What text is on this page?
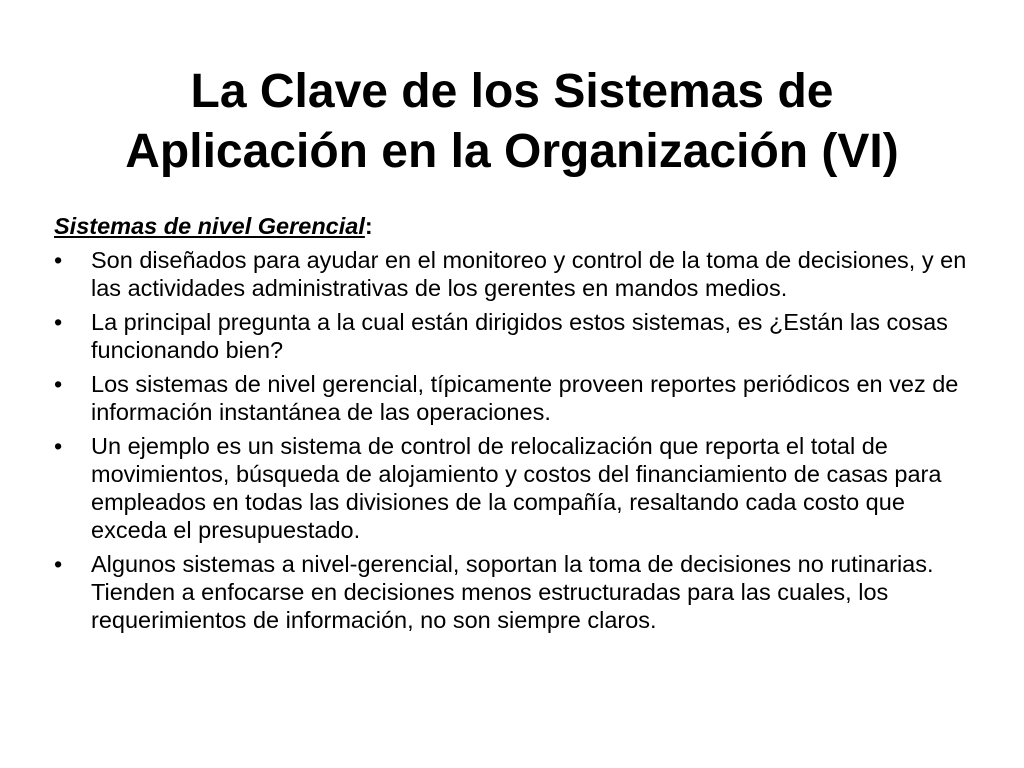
La Clave de los Sistemas de
Aplicación en la Organización (VI)

Sistemas de nivel Gerencial:

• Son diseñados para ayudar en el monitoreo y control de la toma de decisiones, y en las actividades administrativas de los gerentes en mandos medios.
• La principal pregunta a la cual están dirigidos estos sistemas, es ¿Están las cosas funcionando bien?
• Los sistemas de nivel gerencial, típicamente proveen reportes periódicos en vez de información instantánea de las operaciones.
• Un ejemplo es un sistema de control de relocalización que reporta el total de movimientos, búsqueda de alojamiento y costos del financiamiento de casas para empleados en todas las divisiones de la compañía, resaltando cada costo que exceda el presupuestado.
• Algunos sistemas a nivel-gerencial, soportan la toma de decisiones no rutinarias. Tienden a enfocarse en decisiones menos estructuradas para las cuales, los requerimientos de información, no son siempre claros.
